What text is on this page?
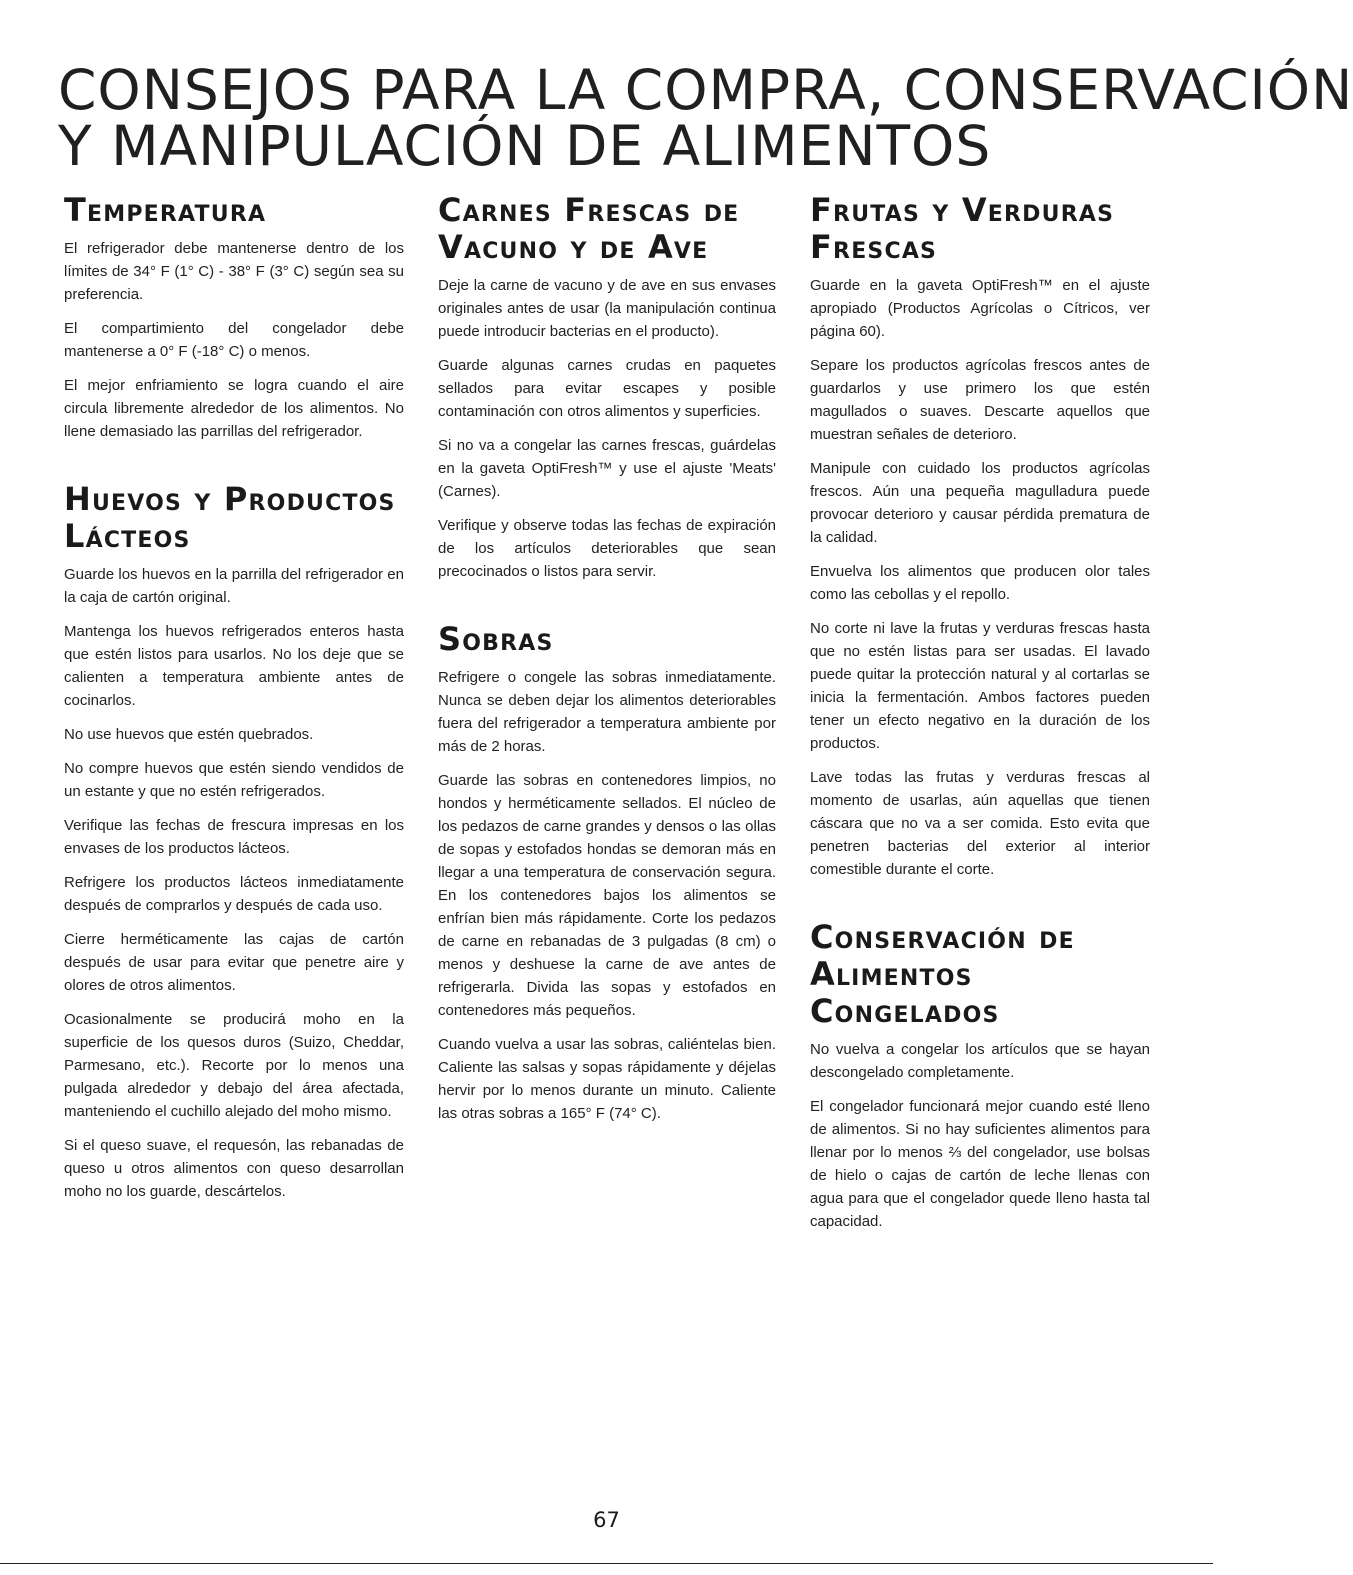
CONSEJOS PARA LA COMPRA, CONSERVACIÓN
Y MANIPULACIÓN DE ALIMENTOS
Temperatura

El refrigerador debe mantenerse dentro de los límites de 34° F (1° C) - 38° F (3° C) según sea su preferencia.

El compartimiento del congelador debe mantenerse a 0° F (-18° C) o menos.

El mejor enfriamiento se logra cuando el aire circula libremente alrededor de los alimentos. No llene demasiado las parrillas del refrigerador.

Huevos y Productos Lácteos

Guarde los huevos en la parrilla del refrigerador en la caja de cartón original.

Mantenga los huevos refrigerados enteros hasta que estén listos para usarlos. No los deje que se calienten a temperatura ambiente antes de cocinarlos.

No use huevos que estén quebrados.

No compre huevos que estén siendo vendidos de un estante y que no estén refrigerados.

Verifique las fechas de frescura impresas en los envases de los productos lácteos.

Refrigere los productos lácteos inmediatamente después de comprarlos y después de cada uso.

Cierre herméticamente las cajas de cartón después de usar para evitar que penetre aire y olores de otros alimentos.

Ocasionalmente se producirá moho en la superficie de los quesos duros (Suizo, Cheddar, Parmesano, etc.). Recorte por lo menos una pulgada alrededor y debajo del área afectada, manteniendo el cuchillo alejado del moho mismo.

Si el queso suave, el requesón, las rebanadas de queso u otros alimentos con queso desarrollan moho no los guarde, descártelos.

Carnes Frescas de Vacuno y de Ave

Deje la carne de vacuno y de ave en sus envases originales antes de usar (la manipulación continua puede introducir bacterias en el producto).

Guarde algunas carnes crudas en paquetes sellados para evitar escapes y posible contaminación con otros alimentos y superficies.

Si no va a congelar las carnes frescas, guárdelas en la gaveta OptiFresh™ y use el ajuste 'Meats' (Carnes).

Verifique y observe todas las fechas de expiración de los artículos deteriorables que sean precocinados o listos para servir.

Sobras

Refrigere o congele las sobras inmediatamente. Nunca se deben dejar los alimentos deteriorables fuera del refrigerador a temperatura ambiente por más de 2 horas.

Guarde las sobras en contenedores limpios, no hondos y herméticamente sellados. El núcleo de los pedazos de carne grandes y densos o las ollas de sopas y estofados hondas se demoran más en llegar a una temperatura de conservación segura. En los contenedores bajos los alimentos se enfrían bien más rápidamente. Corte los pedazos de carne en rebanadas de 3 pulgadas (8 cm) o menos y deshuese la carne de ave antes de refrigerarla. Divida las sopas y estofados en contenedores más pequeños.

Cuando vuelva a usar las sobras, caliéntelas bien. Caliente las salsas y sopas rápidamente y déjelas hervir por lo menos durante un minuto. Caliente las otras sobras a 165° F (74° C).

Frutas y Verduras Frescas

Guarde en la gaveta OptiFresh™ en el ajuste apropiado (Productos Agrícolas o Cítricos, ver página 60).

Separe los productos agrícolas frescos antes de guardarlos y use primero los que estén magullados o suaves. Descarte aquellos que muestran señales de deterioro.

Manipule con cuidado los productos agrícolas frescos. Aún una pequeña magulladura puede provocar deterioro y causar pérdida prematura de la calidad.

Envuelva los alimentos que producen olor tales como las cebollas y el repollo.

No corte ni lave la frutas y verduras frescas hasta que no estén listas para ser usadas. El lavado puede quitar la protección natural y al cortarlas se inicia la fermentación. Ambos factores pueden tener un efecto negativo en la duración de los productos.

Lave todas las frutas y verduras frescas al momento de usarlas, aún aquellas que tienen cáscara que no va a ser comida. Esto evita que penetren bacterias del exterior al interior comestible durante el corte.

Conservación de Alimentos Congelados

No vuelva a congelar los artículos que se hayan descongelado completamente.

El congelador funcionará mejor cuando esté lleno de alimentos. Si no hay suficientes alimentos para llenar por lo menos ⅔ del congelador, use bolsas de hielo o cajas de cartón de leche llenas con agua para que el congelador quede lleno hasta tal capacidad.

67
